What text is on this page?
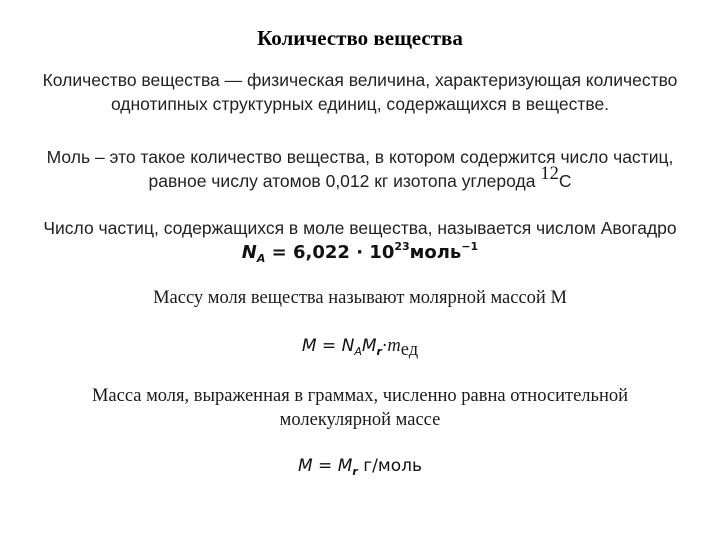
Количество вещества
Количество вещества — физическая величина, характеризующая количество
однотипных структурных единиц, содержащихся в веществе.
Моль – это такое количество вещества, в котором содержится число частиц,
равное числу атомов 0,012 кг изотопа углерода $^{12}$C
Число частиц, содержащихся в моле вещества, называется числом Авогадро
$N_A = 6,022$ · $10^{23}моль^{-1}$
Массу моля вещества называют молярной массой М
$M = N_AM_r\cdot m_{ед}$
Масса моля, выраженная в граммах, численно равна относительной
молекулярной массе
$M = M_r$ г/моль
